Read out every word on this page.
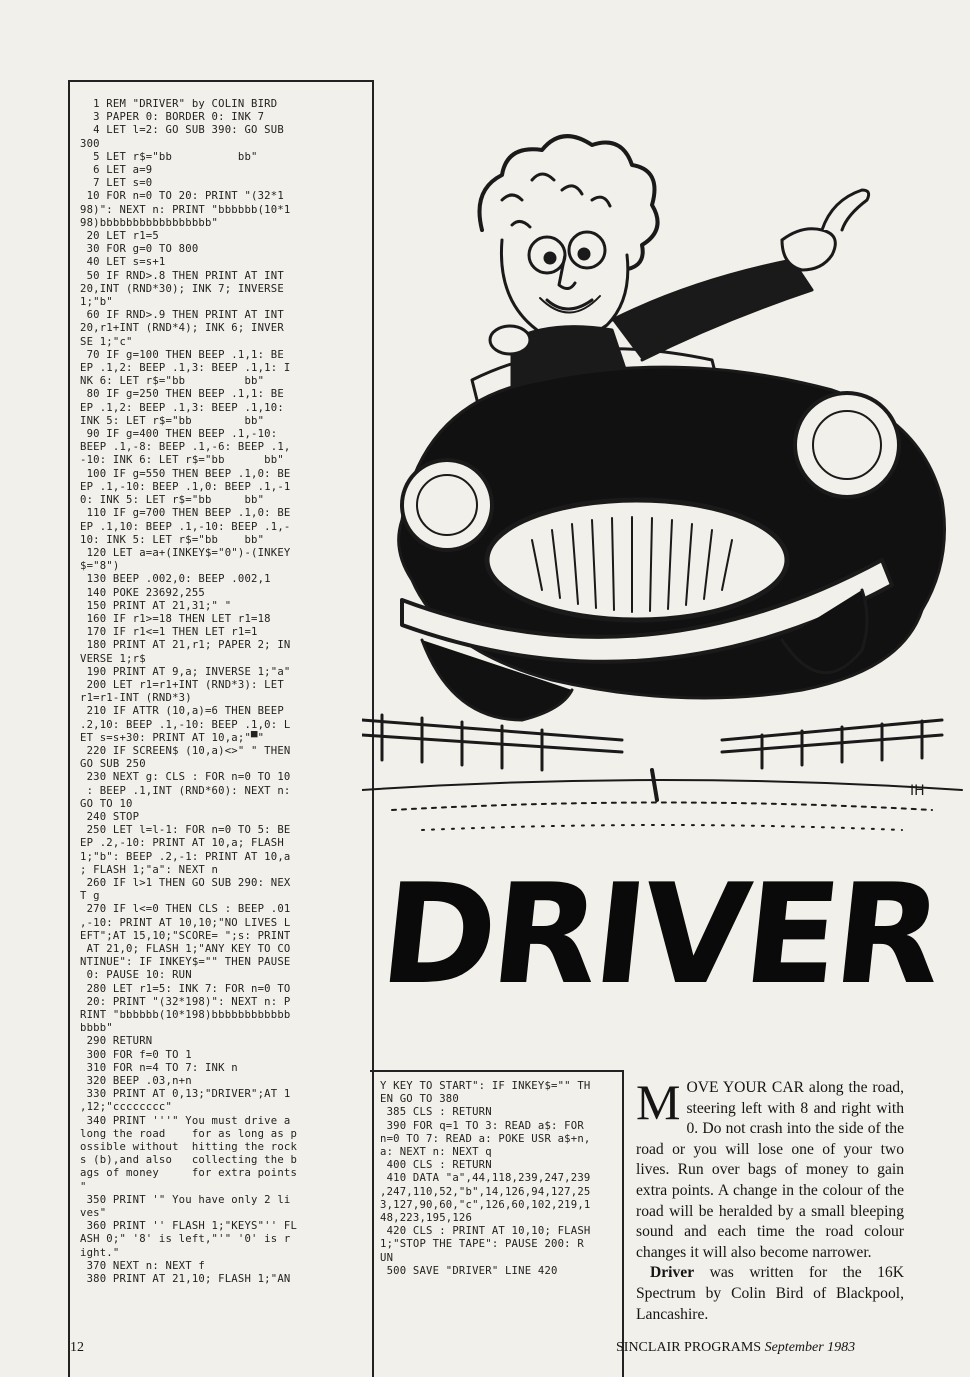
1 REM "DRIVER" by COLIN BIRD
3 PAPER 0: BORDER 0: INK 7
4 LET l=2: GO SUB 390: GO SUB
300
5 LET r$="bb          bb"
6 LET a=9
7 LET s=0
10 FOR n=0 TO 20: PRINT "(32*1
98)": NEXT n: PRINT "bbbbbb(10*1
98)bbbbbbbbbbbbbbbbb"
20 LET r1=5
30 FOR g=0 TO 800
40 LET s=s+1
50 IF RND>.8 THEN PRINT AT INT
20,INT (RND*30); INK 7; INVERSE
1;"b"
60 IF RND>.9 THEN PRINT AT INT
20,r1+INT (RND*4); INK 6; INVER
SE 1;"c"
70 IF g=100 THEN BEEP .1,1: BE
EP .1,2: BEEP .1,3: BEEP .1,1: I
NK 6: LET r$="bb         bb"
80 IF g=250 THEN BEEP .1,1: BE
EP .1,2: BEEP .1,3: BEEP .1,10:
INK 5: LET r$="bb        bb"
90 IF g=400 THEN BEEP .1,-10:
BEEP .1,-8: BEEP .1,-6: BEEP .1,
-10: INK 6: LET r$="bb      bb"
100 IF g=550 THEN BEEP .1,0: BE
EP .1,-10: BEEP .1,0: BEEP .1,-1
0: INK 5: LET r$="bb     bb"
110 IF g=700 THEN BEEP .1,0: BE
EP .1,10: BEEP .1,-10: BEEP .1,-
10: INK 5: LET r$="bb    bb"
120 LET a=a+(INKEY$="0")-(INKEY
$="8")
130 BEEP .002,0: BEEP .002,1
140 POKE 23692,255
150 PRINT AT 21,31;" "
160 IF r1>=18 THEN LET r1=18
170 IF r1<=1 THEN LET r1=1
180 PRINT AT 21,r1; PAPER 2; IN
VERSE 1;r$
190 PRINT AT 9,a; INVERSE 1;"a"
200 LET r1=r1+INT (RND*3): LET
r1=r1-INT (RND*3)
210 IF ATTR (10,a)=6 THEN BEEP
.2,10: BEEP .1,-10: BEEP .1,0: L
ET s=s+30: PRINT AT 10,a;"▀"
220 IF SCREEN$ (10,a)<>" " THEN
GO SUB 250
230 NEXT g: CLS : FOR n=0 TO 10
: BEEP .1,INT (RND*60): NEXT n:
GO TO 10
240 STOP
250 LET l=l-1: FOR n=0 TO 5: BE
EP .2,-10: PRINT AT 10,a; FLASH
1;"b": BEEP .2,-1: PRINT AT 10,a
; FLASH 1;"a": NEXT n
260 IF l>1 THEN GO SUB 290: NEX
T g
270 IF l<=0 THEN CLS : BEEP .01
,-10: PRINT AT 10,10;"NO LIVES L
EFT";AT 15,10;"SCORE= ";s: PRINT
AT 21,0; FLASH 1;"ANY KEY TO CO
NTINUE": IF INKEY$="" THEN PAUSE
0: PAUSE 10: RUN
280 LET r1=5: INK 7: FOR n=0 TO
20: PRINT "(32*198)": NEXT n: P
RINT "bbbbbb(10*198)bbbbbbbbbbbb
bbbb"
290 RETURN
300 FOR f=0 TO 1
310 FOR n=4 TO 7: INK n
320 BEEP .03,n+n
330 PRINT AT 0,13;"DRIVER";AT 1
,12;"cccccccc"
340 PRINT '''" You must drive a
long the road    for as long as p
ossible without  hitting the rock
s (b),and also   collecting the b
ags of money     for extra points
"
350 PRINT '" You have only 2 li
ves"
360 PRINT '' FLASH 1;"KEYS"'' FL
ASH 0;" '8' is left,"'" '0' is r
ight."
370 NEXT n: NEXT f
380 PRINT AT 21,10; FLASH 1;"AN
Y KEY TO START": IF INKEY$="" TH
EN GO TO 380
385 CLS : RETURN
390 FOR q=1 TO 3: READ a$: FOR
n=0 TO 7: READ a: POKE USR a$+n,
a: NEXT n: NEXT q
400 CLS : RETURN
410 DATA "a",44,118,239,247,239
,247,110,52,"b",14,126,94,127,25
3,127,90,60,"c",126,60,102,219,1
48,223,195,126
420 CLS : PRINT AT 10,10; FLASH
1;"STOP THE TAPE": PAUSE 200: R
UN
500 SAVE "DRIVER" LINE 420
IH
DRIVER

MOVE YOUR CAR along the road, steering left with 8 and right with 0. Do not crash into the side of the road or you will lose one of your two lives. Run over bags of money to gain extra points. A change in the colour of the road will be heralded by a small bleeping sound and each time the road colour changes it will also become narrower.

Driver was written for the 16K Spectrum by Colin Bird of Blackpool, Lancashire.

12	SINCLAIR PROGRAMS September 1983
